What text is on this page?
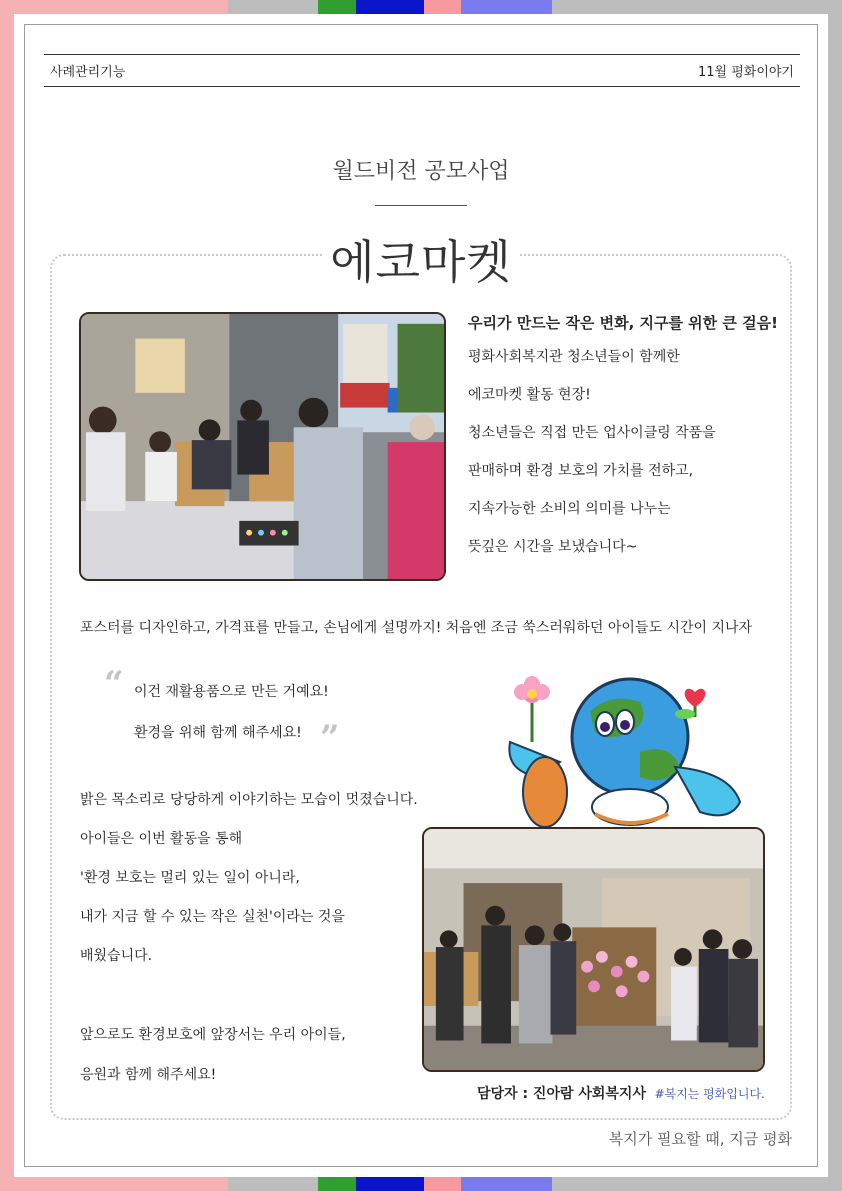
사례관리기능	11월 평화이야기
월드비전 공모사업
에코마켓
우리가 만드는 작은 변화, 지구를 위한 큰 걸음!
평화사회복지관 청소년들이 함께한
에코마켓 활동 현장!
청소년들은 직접 만든 업사이클링 작품을
판매하며 환경 보호의 가치를 전하고,
지속가능한 소비의 의미를 나누는
뜻깊은 시간을 보냈습니다~
포스터를 디자인하고, 가격표를 만들고, 손님에게 설명까지! 처음엔 조금 쑥스러워하던 아이들도 시간이 지나자
“ 이건 재활용품으로 만든 거예요!
환경을 위해 함께 해주세요! ”
밝은 목소리로 당당하게 이야기하는 모습이 멋졌습니다.
아이들은 이번 활동을 통해
'환경 보호는 멀리 있는 일이 아니라,
내가 지금 할 수 있는 작은 실천'이라는 것을
배웠습니다.
앞으로도 환경보호에 앞장서는 우리 아이들,
응원과 함께 해주세요!
담당자 : 진아람 사회복지사 #복지는 평화입니다.
복지가 필요할 때, 지금 평화
